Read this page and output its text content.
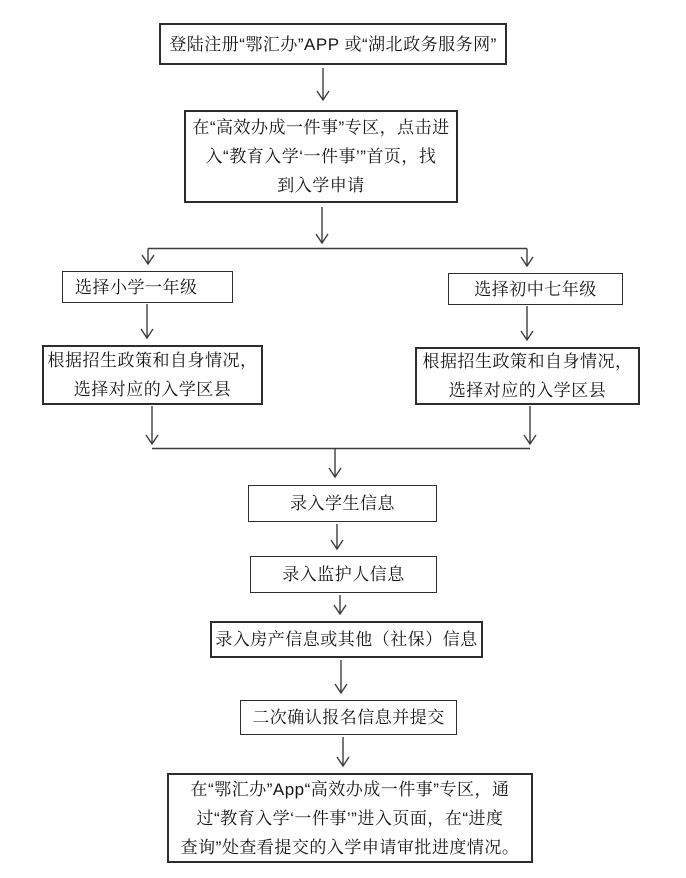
登陆注册“鄂汇办”APP 或“湖北政务服务网”
在“高效办成一件事”专区，点击进
入“教育入学‘一件事’”首页，找
到入学申请
选择小学一年级	选择初中七年级
根据招生政策和自身情况，
选择对应的入学区县
根据招生政策和自身情况，
选择对应的入学区县
录入学生信息
录入监护人信息
录入房产信息或其他（社保）信息
二次确认报名信息并提交
在“鄂汇办”App“高效办成一件事”专区，通
过“教育入学‘一件事’”进入页面，在“进度
查询”处查看提交的入学申请审批进度情况。
